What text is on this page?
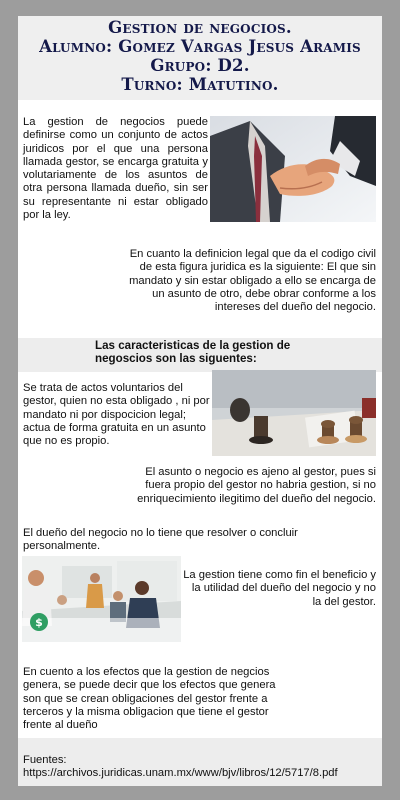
Gestion de negocios.
Alumno: Gomez Vargas Jesus Aramis
Grupo: D2.
Turno: Matutino.
La gestion de negocios puede definirse como un conjunto de actos juridicos por el que una persona llamada gestor, se encarga gratuita y volutariamente de los asuntos de otra persona llamada dueño, sin ser su representante ni estar obligado por la ley.
En cuanto la definicion legal que da el codigo civil de esta figura juridica es la siguiente: El que sin mandato y sin estar obligado a ello se encarga de un asunto de otro, debe obrar conforme a los intereses del dueño del negocio.
Las caracteristicas de la gestion de negoscios son las siguentes:
Se trata de actos voluntarios del gestor, quien no esta obligado , ni por mandato ni por dispocicion legal; actua de forma gratuita en un asunto que no es propio.
El asunto o negocio es ajeno al gestor, pues si fuera propio del gestor no habria gestion, si no enriquecimiento ilegitimo del dueño del negocio.
El dueño del negocio no lo tiene que resolver o concluir personalmente.
$
La gestion tiene como fin el beneficio y la utilidad del dueño del negocio y no la del gestor.
En cuento a los efectos que la gestion de negcios genera, se puede decir que los efectos que genera son que se crean obligaciones del gestor frente a terceros y la misma obligacion que tiene el gestor frente al dueño
Fuentes:
https://archivos.juridicas.unam.mx/www/bjv/libros/12/5717/8.pdf
